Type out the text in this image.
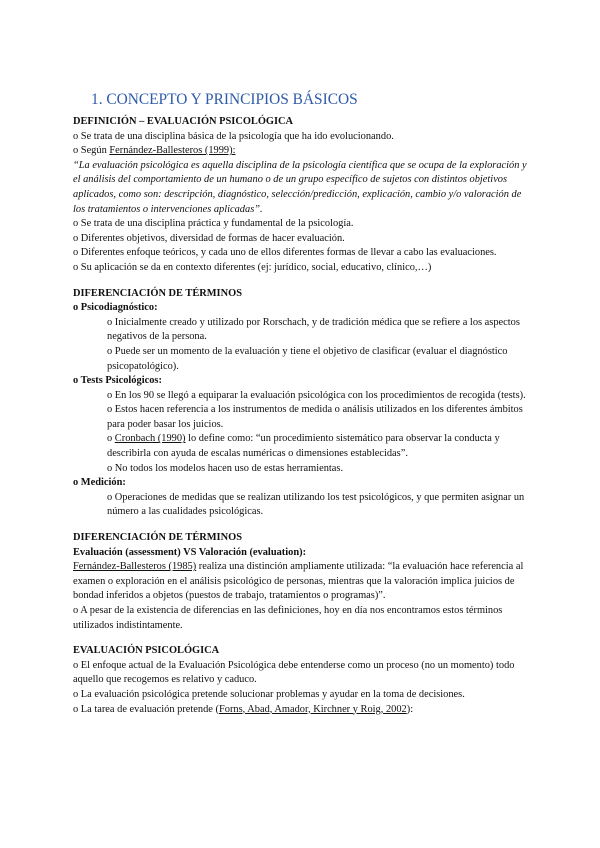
1. CONCEPTO Y PRINCIPIOS BÁSICOS

DEFINICIÓN – EVALUACIÓN PSICOLÓGICA

o Se trata de una disciplina básica de la psicología que ha ido evolucionando.

o Según Fernández-Ballesteros (1999):

“La evaluación psicológica es aquella disciplina de la psicología científica que se ocupa de la exploración y el análisis del comportamiento de un humano o de un grupo específico de sujetos con distintos objetivos aplicados, como son: descripción, diagnóstico, selección/predicción, explicación, cambio y/o valoración de los tratamientos o intervenciones aplicadas”.

o Se trata de una disciplina práctica y fundamental de la psicología.

o Diferentes objetivos, diversidad de formas de hacer evaluación.

o Diferentes enfoque teóricos, y cada uno de ellos diferentes formas de llevar a cabo las evaluaciones.

o Su aplicación se da en contexto diferentes (ej: jurídico, social, educativo, clínico,…)

DIFERENCIACIÓN DE TÉRMINOS

o Psicodiagnóstico:

o Inicialmente creado y utilizado por Rorschach, y de tradición médica que se refiere a los aspectos negativos de la persona.

o Puede ser un momento de la evaluación y tiene el objetivo de clasificar (evaluar el diagnóstico psicopatológico).

o Tests Psicológicos:

o En los 90 se llegó a equiparar la evaluación psicológica con los procedimientos de recogida (tests).

o Estos hacen referencia a los instrumentos de medida o análisis utilizados en los diferentes ámbitos para poder basar los juicios.

o Cronbach (1990) lo define como: “un procedimiento sistemático para observar la conducta y describirla con ayuda de escalas numéricas o dimensiones establecidas”.

o No todos los modelos hacen uso de estas herramientas.

o Medición:

o Operaciones de medidas que se realizan utilizando los test psicológicos, y que permiten asignar un número a las cualidades psicológicas.

DIFERENCIACIÓN DE TÉRMINOS

Evaluación (assessment) VS Valoración (evaluation):

Fernández-Ballesteros (1985) realiza una distinción ampliamente utilizada: “la evaluación hace referencia al examen o exploración en el análisis psicológico de personas, mientras que la valoración implica juicios de bondad inferidos a objetos (puestos de trabajo, tratamientos o programas)”.

o A pesar de la existencia de diferencias en las definiciones, hoy en día nos encontramos estos términos utilizados indistintamente.

EVALUACIÓN PSICOLÓGICA

o El enfoque actual de la Evaluación Psicológica debe entenderse como un proceso (no un momento) todo aquello que recogemos es relativo y caduco.

o La evaluación psicológica pretende solucionar problemas y ayudar en la toma de decisiones.

o La tarea de evaluación pretende (Forns, Abad, Amador, Kirchner y Roig, 2002):
